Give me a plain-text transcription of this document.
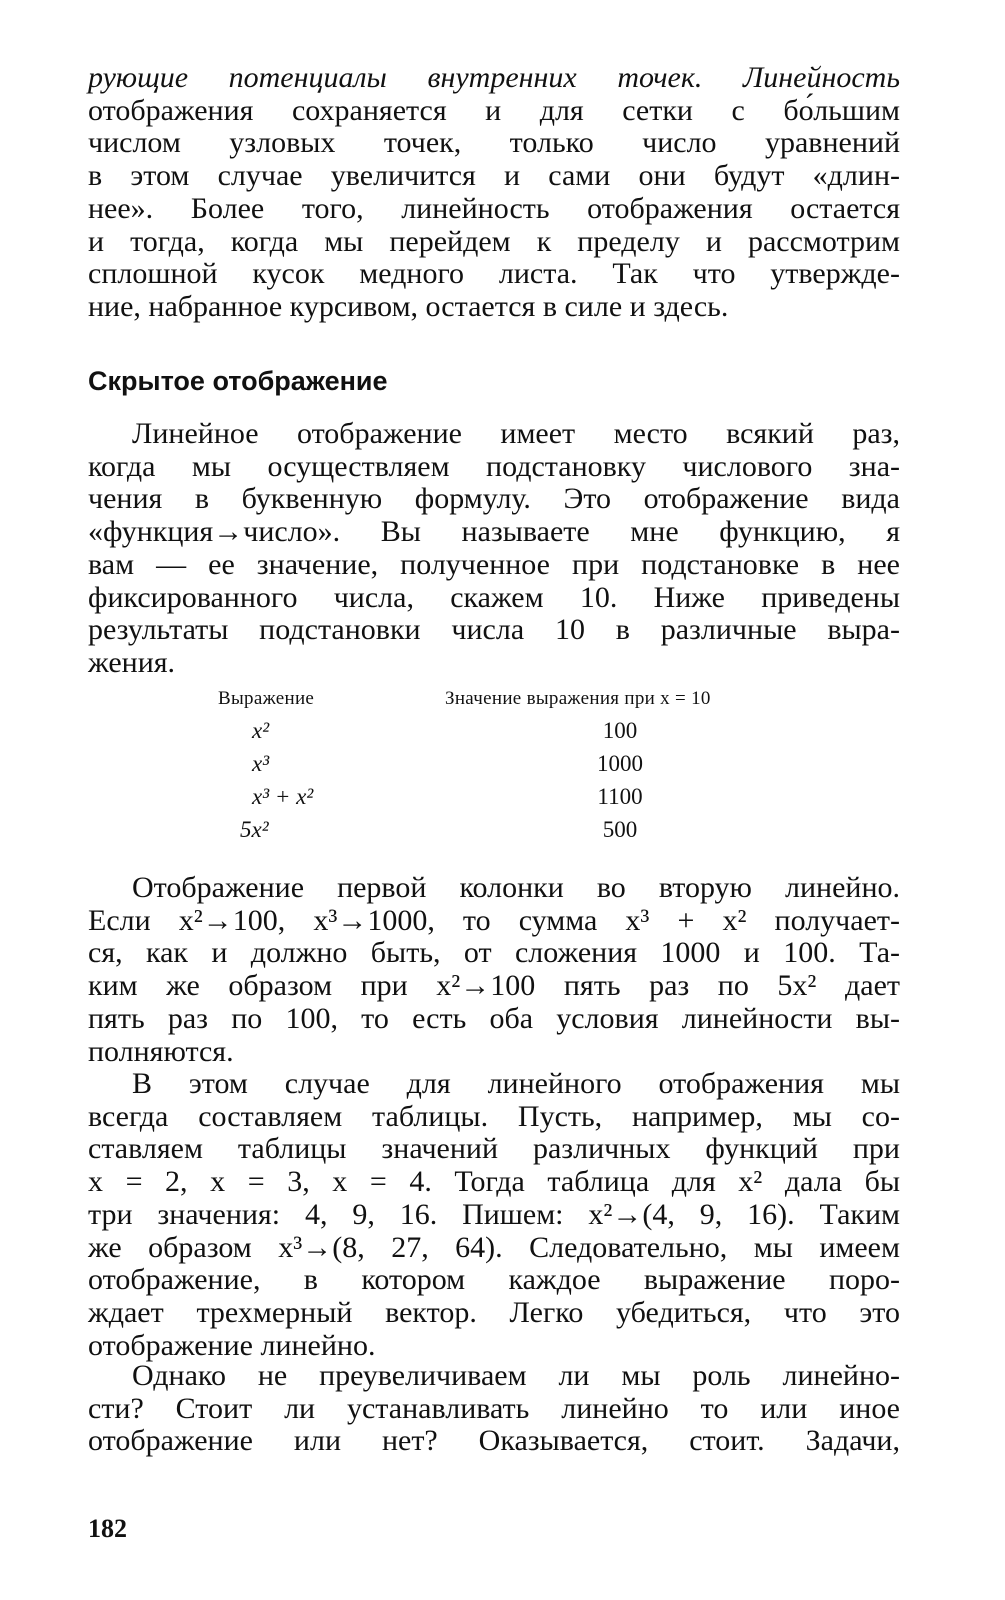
рующие потенциалы внутренних точек. Линейность
отображения сохраняется и для сетки с бо́льшим
числом узловых точек, только число уравнений
в этом случае увеличится и сами они будут «длин-
нее». Более того, линейность отображения остается
и тогда, когда мы перейдем к пределу и рассмотрим
сплошной кусок медного листа. Так что утвержде-
ние, набранное курсивом, остается в силе и здесь.
Скрытое отображение
Линейное отображение имеет место всякий раз,
когда мы осуществляем подстановку числового зна-
чения в буквенную формулу. Это отображение вида
«функция→число». Вы называете мне функцию, я
вам — ее значение, полученное при подстановке в нее
фиксированного числа, скажем 10. Ниже приведены
результаты подстановки числа 10 в различные выра-
жения.
Выражение	Значение выражения при x = 10
x²	100
x³	1000
x³ + x²	1100
5x²	500
Отображение первой колонки во вторую линейно.
Если x²→100, x³→1000, то сумма x³ + x² получает-
ся, как и должно быть, от сложения 1000 и 100. Та-
ким же образом при x²→100 пять раз по 5x² дает
пять раз по 100, то есть оба условия линейности вы-
полняются.
В этом случае для линейного отображения мы
всегда составляем таблицы. Пусть, например, мы со-
ставляем таблицы значений различных функций при
x = 2, x = 3, x = 4. Тогда таблица для x² дала бы
три значения: 4, 9, 16. Пишем: x²→(4, 9, 16). Таким
же образом x³→(8, 27, 64). Следовательно, мы имеем
отображение, в котором каждое выражение поро-
ждает трехмерный вектор. Легко убедиться, что это
отображение линейно.
Однако не преувеличиваем ли мы роль линейно-
сти? Стоит ли устанавливать линейно то или иное
отображение или нет? Оказывается, стоит. Задачи,
182
